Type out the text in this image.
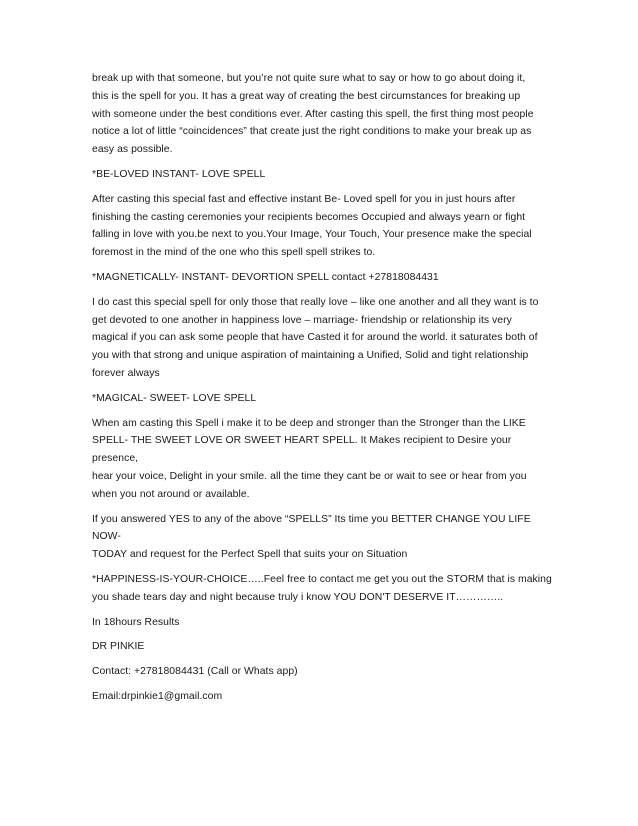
break up with that someone, but you’re not quite sure what to say or how to go about doing it,
this is the spell for you. It has a great way of creating the best circumstances for breaking up
with someone under the best conditions ever. After casting this spell, the first thing most people
notice a lot of little “coincidences” that create just the right conditions to make your break up as
easy as possible.

*BE-LOVED INSTANT- LOVE SPELL

After casting this special fast and effective instant Be- Loved spell for you in just hours after
finishing the casting ceremonies your recipients becomes Occupied and always yearn or fight
falling in love with you.be next to you.Your Image, Your Touch, Your presence make the special
foremost in the mind of the one who this spell spell strikes to.

*MAGNETICALLY- INSTANT- DEVORTION SPELL contact +27818084431

I do cast this special spell for only those that really love – like one another and all they want is to
get devoted to one another in happiness love – marriage- friendship or relationship its very
magical if you can ask some people that have Casted it for around the world. it saturates both of
you with that strong and unique aspiration of maintaining a Unified, Solid and tight relationship
forever always

*MAGICAL- SWEET- LOVE SPELL

When am casting this Spell i make it to be deep and stronger than the Stronger than the LIKE
SPELL- THE SWEET LOVE OR SWEET HEART SPELL. It Makes recipient to Desire your presence,
hear your voice, Delight in your smile. all the time they cant be or wait to see or hear from you
when you not around or available.

If you answered YES to any of the above “SPELLS” Its time you BETTER CHANGE YOU LIFE NOW-
TODAY and request for the Perfect Spell that suits your on Situation

*HAPPINESS-IS-YOUR-CHOICE…..Feel free to contact me get you out the STORM that is making
you shade tears day and night because truly i know YOU DON'T DESERVE IT…………..

In 18hours Results

DR PINKIE

Contact: +27818084431 (Call or Whats app)

Email:drpinkie1@gmail.com
